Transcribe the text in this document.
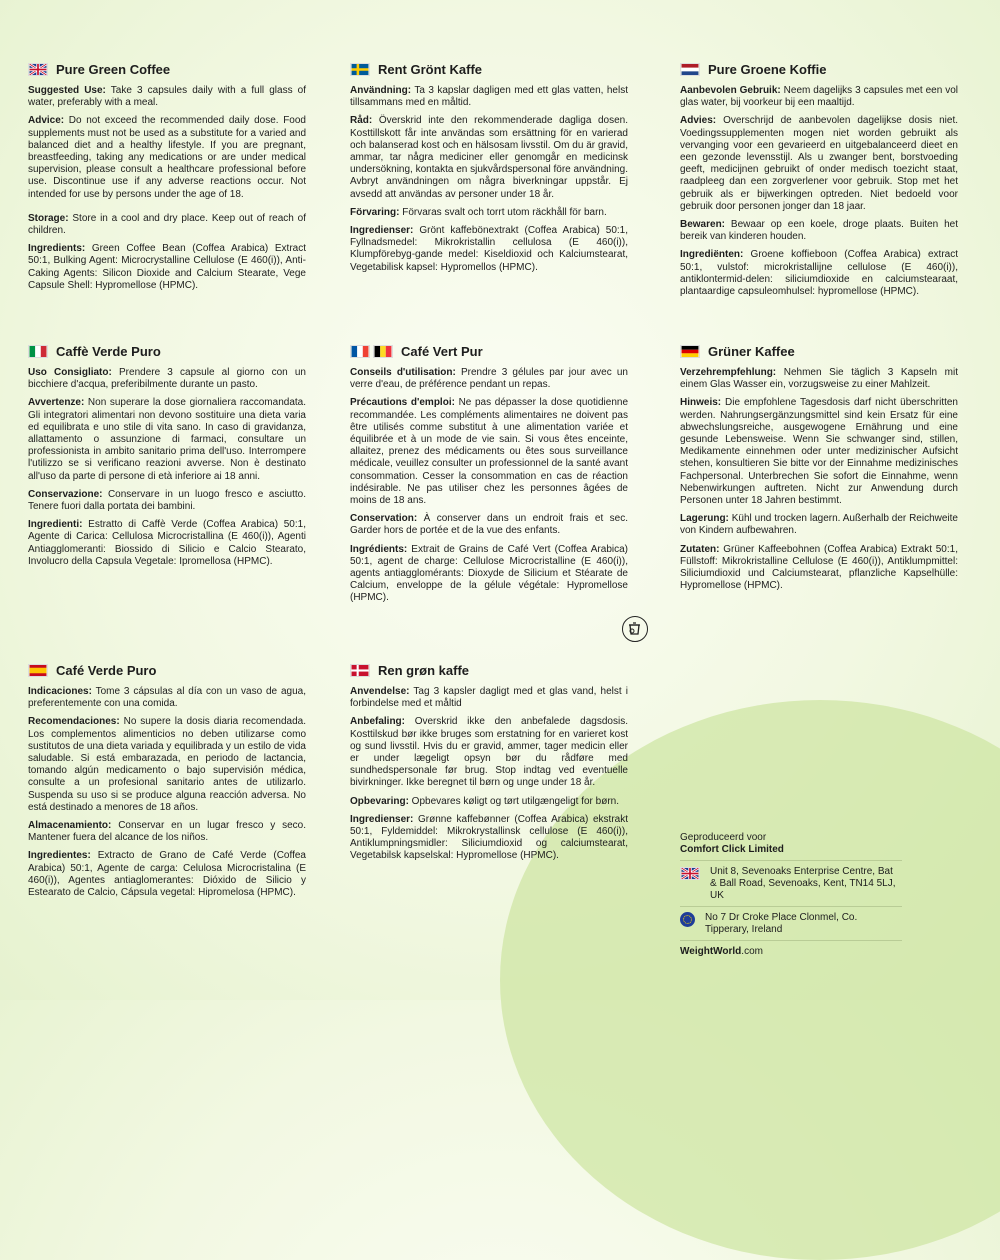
Pure Green Coffee

Suggested Use: Take 3 capsules daily with a full glass of water, preferably with a meal.

Advice: Do not exceed the recommended daily dose. Food supplements must not be used as a substitute for a varied and balanced diet and a healthy lifestyle. If you are pregnant, breastfeeding, taking any medications or are under medical supervision, please consult a healthcare professional before use. Discontinue use if any adverse reactions occur. Not intended for use by persons under the age of 18.

Storage: Store in a cool and dry place. Keep out of reach of children.

Ingredients: Green Coffee Bean (Coffea Arabica) Extract 50:1, Bulking Agent: Microcrystalline Cellulose (E 460(i)), Anti-Caking Agents: Silicon Dioxide and Calcium Stearate, Vege Capsule Shell: Hypromellose (HPMC).

Rent Grönt Kaffe

Användning: Ta 3 kapslar dagligen med ett glas vatten, helst tillsammans med en måltid.

Råd: Överskrid inte den rekommenderade dagliga dosen. Kosttillskott får inte användas som ersättning för en varierad och balanserad kost och en hälsosam livsstil. Om du är gravid, ammar, tar några mediciner eller genomgår en medicinsk undersökning, kontakta en sjukvårdspersonal före användning. Avbryt användningen om några biverkningar uppstår. Ej avsedd att användas av personer under 18 år.

Förvaring: Förvaras svalt och torrt utom räckhåll för barn.

Ingredienser: Grönt kaffebönextrakt (Coffea Arabica) 50:1, Fyllnadsmedel: Mikrokristallin cellulosa (E 460(i)), Klumpförebyg-gande medel: Kiseldioxid och Kalciumstearat, Vegetabilisk kapsel: Hypromellos (HPMC).

Pure Groene Koffie

Aanbevolen Gebruik: Neem dagelijks 3 capsules met een vol glas water, bij voorkeur bij een maaltijd.

Advies: Overschrijd de aanbevolen dagelijkse dosis niet. Voedingssupplementen mogen niet worden gebruikt als vervanging voor een gevarieerd en uitgebalanceerd dieet en een gezonde levensstijl. Als u zwanger bent, borstvoeding geeft, medicijnen gebruikt of onder medisch toezicht staat, raadpleeg dan een zorgverlener voor gebruik. Stop met het gebruik als er bijwerkingen optreden. Niet bedoeld voor gebruik door personen jonger dan 18 jaar.

Bewaren: Bewaar op een koele, droge plaats. Buiten het bereik van kinderen houden.

Ingrediënten: Groene koffieboon (Coffea Arabica) extract 50:1, vulstof: microkristallijne cellulose (E 460(i)), antiklontermid-delen: siliciumdioxide en calciumstearaat, plantaardige capsuleomhulsel: hypromellose (HPMC).

Caffè Verde Puro

Uso Consigliato: Prendere 3 capsule al giorno con un bicchiere d'acqua, preferibilmente durante un pasto.

Avvertenze: Non superare la dose giornaliera raccomandata. Gli integratori alimentari non devono sostituire una dieta varia ed equilibrata e uno stile di vita sano. In caso di gravidanza, allattamento o assunzione di farmaci, consultare un professionista in ambito sanitario prima dell'uso. Interrompere l'utilizzo se si verificano reazioni avverse. Non è destinato all'uso da parte di persone di età inferiore ai 18 anni.

Conservazione: Conservare in un luogo fresco e asciutto. Tenere fuori dalla portata dei bambini.

Ingredienti: Estratto di Caffè Verde (Coffea Arabica) 50:1, Agente di Carica: Cellulosa Microcristallina (E 460(i)), Agenti Antiagglomeranti: Biossido di Silicio e Calcio Stearato, Involucro della Capsula Vegetale: Ipromellosa (HPMC).

Café Vert Pur

Conseils d'utilisation: Prendre 3 gélules par jour avec un verre d'eau, de préférence pendant un repas.

Précautions d'emploi: Ne pas dépasser la dose quotidienne recommandée. Les compléments alimentaires ne doivent pas être utilisés comme substitut à une alimentation variée et équilibrée et à un mode de vie sain. Si vous êtes enceinte, allaitez, prenez des médicaments ou êtes sous surveillance médicale, veuillez consulter un professionnel de la santé avant consommation. Cesser la consommation en cas de réaction indésirable. Ne pas utiliser chez les personnes âgées de moins de 18 ans.

Conservation: À conserver dans un endroit frais et sec. Garder hors de portée et de la vue des enfants.

Ingrédients: Extrait de Grains de Café Vert (Coffea Arabica) 50:1, agent de charge: Cellulose Microcristalline (E 460(i)), agents antiagglomérants: Dioxyde de Silicium et Stéarate de Calcium, enveloppe de la gélule végétale: Hypromellose (HPMC).

Grüner Kaffee

Verzehrempfehlung: Nehmen Sie täglich 3 Kapseln mit einem Glas Wasser ein, vorzugsweise zu einer Mahlzeit.

Hinweis: Die empfohlene Tagesdosis darf nicht überschritten werden. Nahrungsergänzungsmittel sind kein Ersatz für eine abwechslungsreiche, ausgewogene Ernährung und eine gesunde Lebensweise. Wenn Sie schwanger sind, stillen, Medikamente einnehmen oder unter medizinischer Aufsicht stehen, konsultieren Sie bitte vor der Einnahme medizinisches Fachpersonal. Unterbrechen Sie sofort die Einnahme, wenn Nebenwirkungen auftreten. Nicht zur Anwendung durch Personen unter 18 Jahren bestimmt.

Lagerung: Kühl und trocken lagern. Außerhalb der Reichweite von Kindern aufbewahren.

Zutaten: Grüner Kaffeebohnen (Coffea Arabica) Extrakt 50:1, Füllstoff: Mikrokristalline Cellulose (E 460(i)), Antiklumpmittel: Siliciumdioxid und Calciumstearat, pflanzliche Kapselhülle: Hypromellose (HPMC).

Café Verde Puro

Indicaciones: Tome 3 cápsulas al día con un vaso de agua, preferentemente con una comida.

Recomendaciones: No supere la dosis diaria recomendada. Los complementos alimenticios no deben utilizarse como sustitutos de una dieta variada y equilibrada y un estilo de vida saludable. Si está embarazada, en periodo de lactancia, tomando algún medicamento o bajo supervisión médica, consulte a un profesional sanitario antes de utilizarlo. Suspenda su uso si se produce alguna reacción adversa. No está destinado a menores de 18 años.

Almacenamiento: Conservar en un lugar fresco y seco. Mantener fuera del alcance de los niños.

Ingredientes: Extracto de Grano de Café Verde (Coffea Arabica) 50:1, Agente de carga: Celulosa Microcristalina (E 460(i)), Agentes antiaglomerantes: Dióxido de Silicio y Estearato de Calcio, Cápsula vegetal: Hipromelosa (HPMC).

Ren grøn kaffe

Anvendelse: Tag 3 kapsler dagligt med et glas vand, helst i forbindelse med et måltid

Anbefaling: Overskrid ikke den anbefalede dagsdosis. Kosttilskud bør ikke bruges som erstatning for en varieret kost og sund livsstil. Hvis du er gravid, ammer, tager medicin eller er under lægeligt opsyn bør du rådføre med sundhedspersonale før brug. Stop indtag ved eventuelle bivirkninger. Ikke beregnet til børn og unge under 18 år.

Opbevaring: Opbevares køligt og tørt utilgængeligt for børn.

Ingredienser: Grønne kaffebønner (Coffea Arabica) ekstrakt 50:1, Fyldemiddel: Mikrokrystallinsk cellulose (E 460(i)), Antiklumpningsmidler: Siliciumdioxid og calciumstearat, Vegetabilsk kapselskal: Hypromellose (HPMC).

Geproduceerd voor
Comfort Click Limited
Unit 8, Sevenoaks Enterprise Centre, Bat & Ball Road, Sevenoaks, Kent, TN14 5LJ, UK
No 7 Dr Croke Place Clonmel, Co. Tipperary, Ireland
WeightWorld.com
